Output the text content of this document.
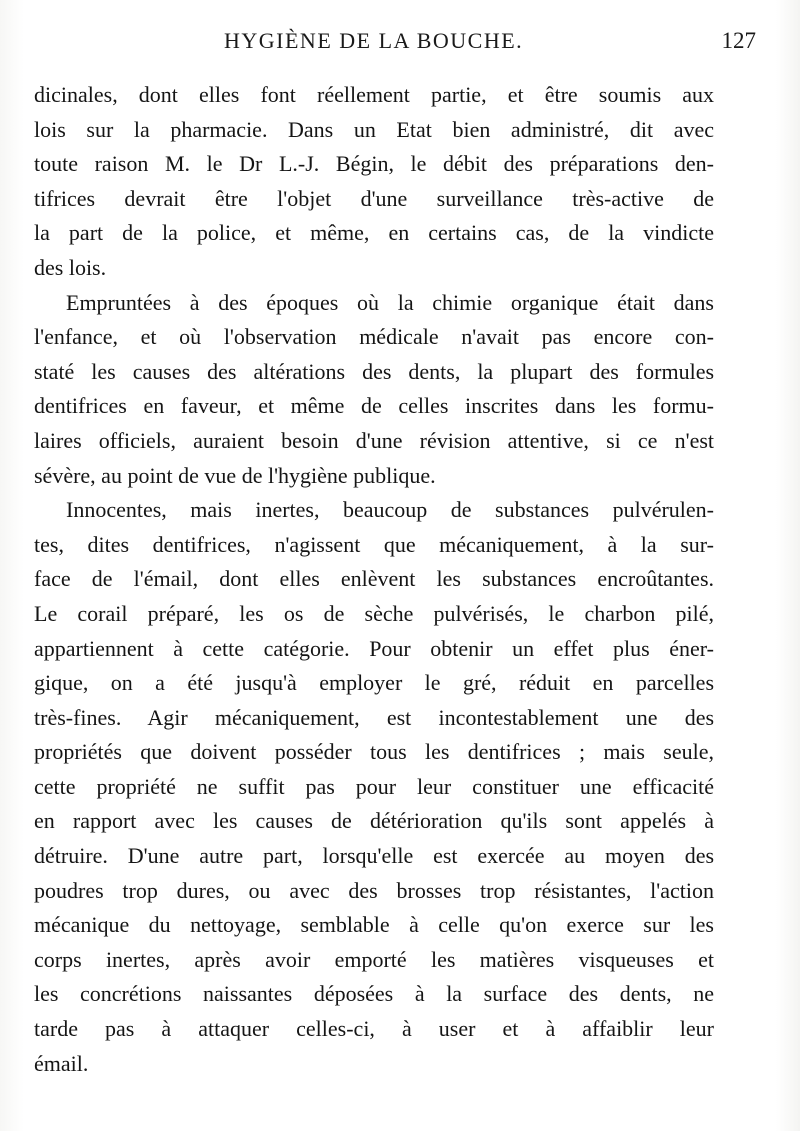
HYGIÈNE DE LA BOUCHE.	127

dicinales, dont elles font réellement partie, et être soumis aux
lois sur la pharmacie. Dans un Etat bien administré, dit avec
toute raison M. le Dr L.-J. Bégin, le débit des préparations den-
tifrices devrait être l'objet d'une surveillance très-active de
la part de la police, et même, en certains cas, de la vindicte
des lois.

Empruntées à des époques où la chimie organique était dans
l'enfance, et où l'observation médicale n'avait pas encore con-
staté les causes des altérations des dents, la plupart des formules
dentifrices en faveur, et même de celles inscrites dans les formu-
laires officiels, auraient besoin d'une révision attentive, si ce n'est
sévère, au point de vue de l'hygiène publique.

Innocentes, mais inertes, beaucoup de substances pulvérulen-
tes, dites dentifrices, n'agissent que mécaniquement, à la sur-
face de l'émail, dont elles enlèvent les substances encroûtantes.
Le corail préparé, les os de sèche pulvérisés, le charbon pilé,
appartiennent à cette catégorie. Pour obtenir un effet plus éner-
gique, on a été jusqu'à employer le gré, réduit en parcelles
très-fines. Agir mécaniquement, est incontestablement une des
propriétés que doivent posséder tous les dentifrices ; mais seule,
cette propriété ne suffit pas pour leur constituer une efficacité
en rapport avec les causes de détérioration qu'ils sont appelés à
détruire. D'une autre part, lorsqu'elle est exercée au moyen des
poudres trop dures, ou avec des brosses trop résistantes, l'action
mécanique du nettoyage, semblable à celle qu'on exerce sur les
corps inertes, après avoir emporté les matières visqueuses et
les concrétions naissantes déposées à la surface des dents, ne
tarde pas à attaquer celles-ci, à user et à affaiblir leur
émail.
